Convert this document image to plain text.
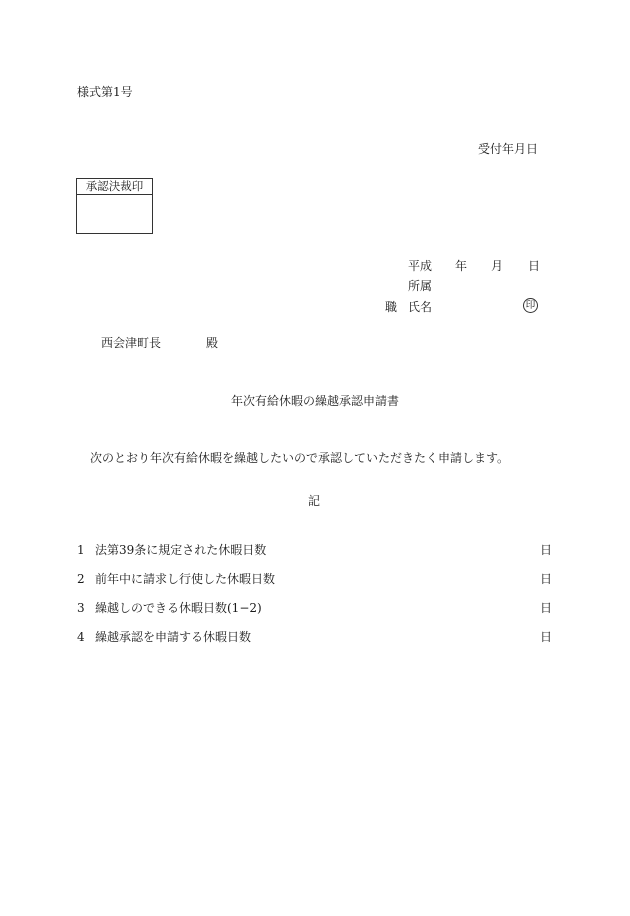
様式第1号
受付年月日
承認決裁印
平成 年 月 日
所属
職 氏名	印
西会津町長	殿
年次有給休暇の繰越承認申請書
次のとおり年次有給休暇を繰越したいので承認していただきたく申請します。
記
1 法第39条に規定された休暇日数	日
2 前年中に請求し行使した休暇日数	日
3 繰越しのできる休暇日数(1−2)	日
4 繰越承認を申請する休暇日数	日
